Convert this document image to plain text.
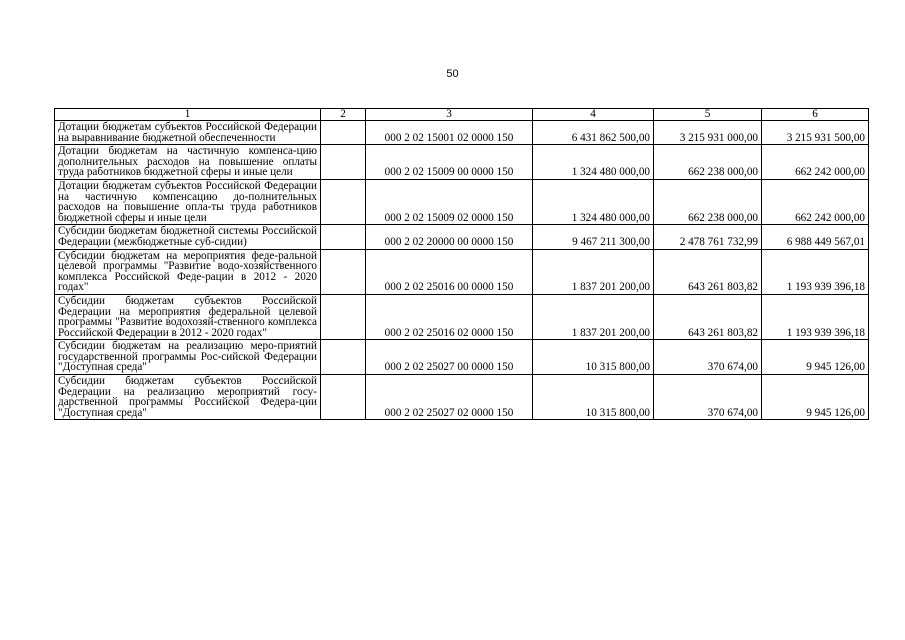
50
1	2	3	4	5	6
Дотации бюджетам субъектов Российской Федерации на выравнивание бюджетной обеспеченности		000 2 02 15001 02 0000 150	6 431 862 500,00	3 215 931 000,00	3 215 931 500,00
Дотации бюджетам на частичную компенса-цию дополнительных расходов на повышение оплаты труда работников бюджетной сферы и иные цели		000 2 02 15009 00 0000 150	1 324 480 000,00	662 238 000,00	662 242 000,00
Дотации бюджетам субъектов Российской Федерации на частичную компенсацию до-полнительных расходов на повышение опла-ты труда работников бюджетной сферы и иные цели		000 2 02 15009 02 0000 150	1 324 480 000,00	662 238 000,00	662 242 000,00
Субсидии бюджетам бюджетной системы Российской Федерации (межбюджетные суб-сидии)		000 2 02 20000 00 0000 150	9 467 211 300,00	2 478 761 732,99	6 988 449 567,01
Субсидии бюджетам на мероприятия феде-ральной целевой программы "Развитие водо-хозяйственного комплекса Российской Феде-рации в 2012 - 2020 годах"		000 2 02 25016 00 0000 150	1 837 201 200,00	643 261 803,82	1 193 939 396,18
Субсидии бюджетам субъектов Российской Федерации на мероприятия федеральной целевой программы "Развитие водохозяй-ственного комплекса Российской Федерации в 2012 - 2020 годах"		000 2 02 25016 02 0000 150	1 837 201 200,00	643 261 803,82	1 193 939 396,18
Субсидии бюджетам на реализацию меро-приятий государственной программы Рос-сийской Федерации "Доступная среда"		000 2 02 25027 00 0000 150	10 315 800,00	370 674,00	9 945 126,00
Субсидии бюджетам субъектов Российской Федерации на реализацию мероприятий госу-дарственной программы Российской Федера-ции "Доступная среда"		000 2 02 25027 02 0000 150	10 315 800,00	370 674,00	9 945 126,00
